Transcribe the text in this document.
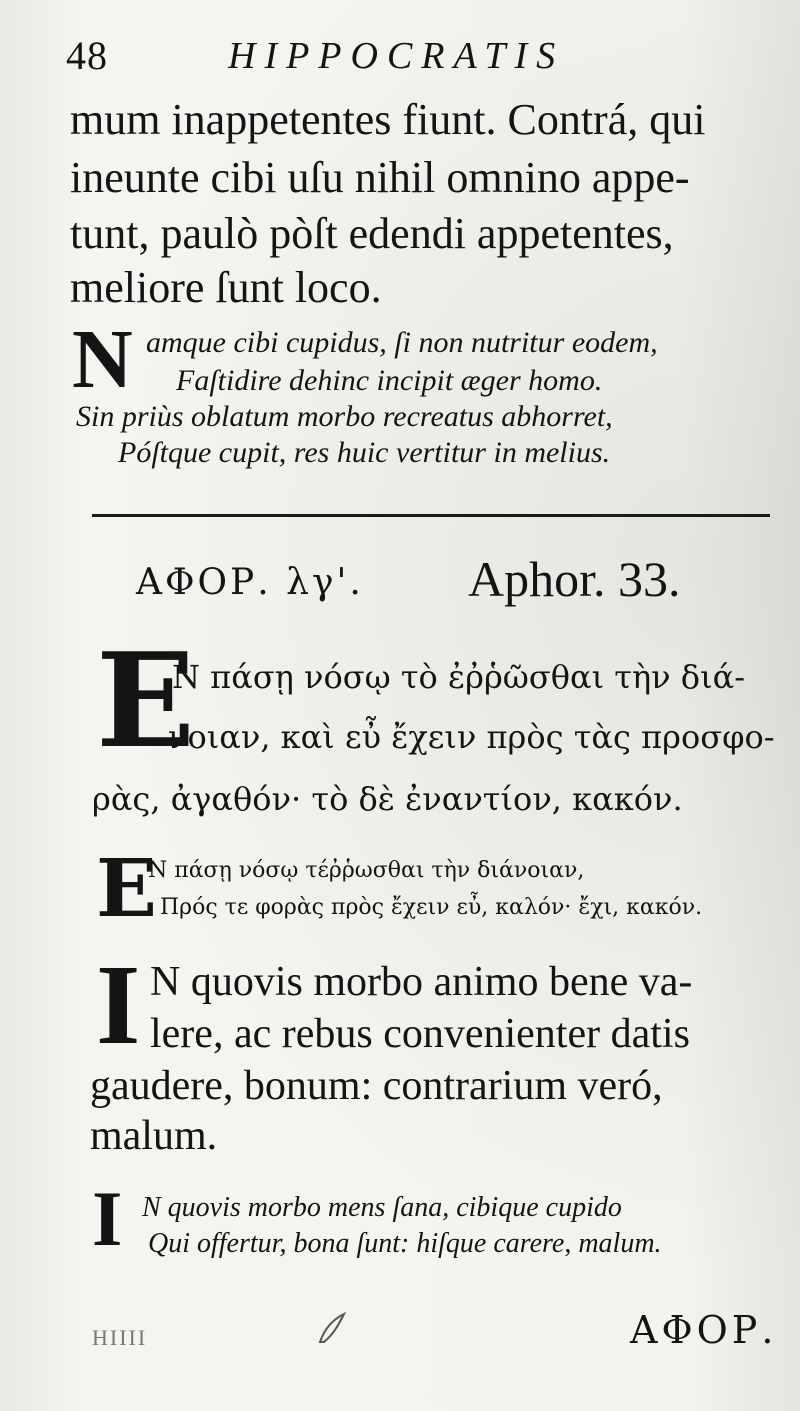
48	HIPPOCRATIS
mum inappetentes fiunt. Contrá, qui
ineunte cibi uſu nihil omnino appe-
tunt, paulò pòſt edendi appetentes,
meliore ſunt loco.
N amque cibi cupidus, ſi non nutritur eodem,
Faſtidire dehinc incipit æger homo.
Sin priùs oblatum morbo recreatus abhorret,
Póſtque cupit, res huic vertitur in melius.
ΑΦΟΡ. λγ'. Aphor. 33.
E
Ν πάσῃ νόσῳ τὸ ἐῤῥῶσθαι τὴν διά-
νοιαν, καὶ εὖ ἔχειν πρὸς τὰς προσφο-
ρὰς, ἀγαθόν· τὸ δὲ ἐναντίον, κακόν.
E
Ν πάσῃ νόσῳ τέῤῥωσθαι τὴν διάνοιαν,
Πρός τε φορὰς πρὸς ἔχειν εὖ, καλόν· ἔχι, κακόν.
I N quovis morbo animo bene va-
lere, ac rebus convenienter datis
gaudere, bonum: contrarium veró,
malum.
I N quovis morbo mens ſana, cibique cupido
Qui offertur, bona ſunt: hiſque carere, malum.
HIIII	ΑΦΟΡ.
